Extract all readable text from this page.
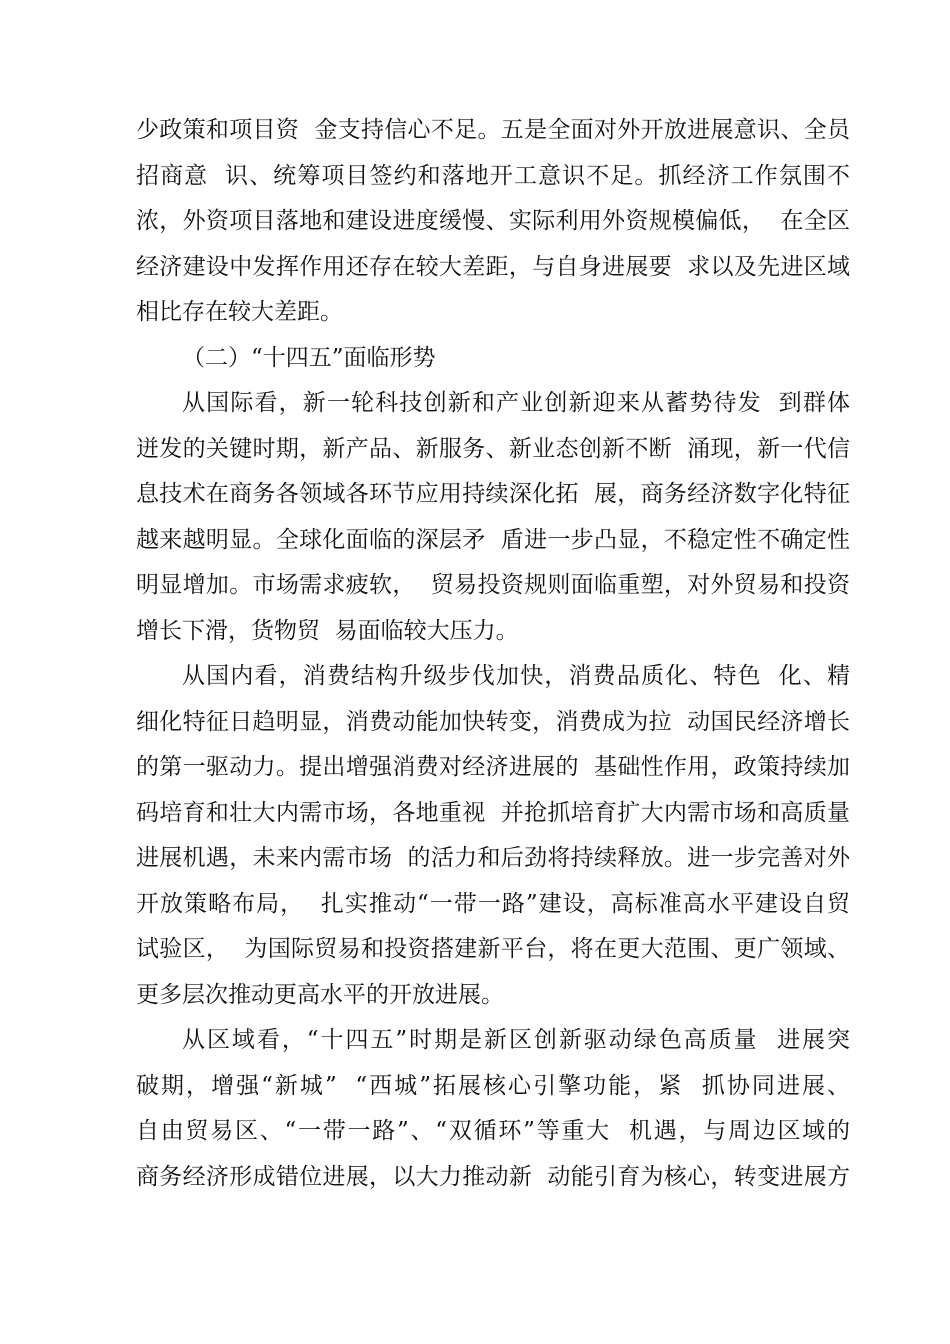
少政策和项目资  金支持信心不足。五是全面对外开放进展意识、全员
招商意  识、统筹项目签约和落地开工意识不足。抓经济工作氛围不
浓，外资项目落地和建设进度缓慢、实际利用外资规模偏低，  在全区
经济建设中发挥作用还存在较大差距，与自身进展要  求以及先进区域
相比存在较大差距。
（二）“十四五”面临形势
从国际看，新一轮科技创新和产业创新迎来从蓄势待发  到群体
迸发的关键时期，新产品、新服务、新业态创新不断  涌现，新一代信
息技术在商务各领域各环节应用持续深化拓  展，商务经济数字化特征
越来越明显。全球化面临的深层矛  盾进一步凸显，不稳定性不确定性
明显增加。市场需求疲软，  贸易投资规则面临重塑，对外贸易和投资
增长下滑，货物贸  易面临较大压力。
从国内看，消费结构升级步伐加快，消费品质化、特色  化、精
细化特征日趋明显，消费动能加快转变，消费成为拉  动国民经济增长
的第一驱动力。提出增强消费对经济进展的  基础性作用，政策持续加
码培育和壮大内需市场，各地重视  并抢抓培育扩大内需市场和高质量
进展机遇，未来内需市场  的活力和后劲将持续释放。进一步完善对外
开放策略布局，  扎实推动“一带一路”建设，高标准高水平建设自贸
试验区，  为国际贸易和投资搭建新平台，将在更大范围、更广领域、
更多层次推动更高水平的开放进展。
从区域看，“十四五”时期是新区创新驱动绿色高质量  进展突
破期，增强“新城”  “西城”拓展核心引擎功能，紧  抓协同进展、
自由贸易区、“一带一路”、“双循环”等重大  机遇，与周边区域的
商务经济形成错位进展，以大力推动新  动能引育为核心，转变进展方
